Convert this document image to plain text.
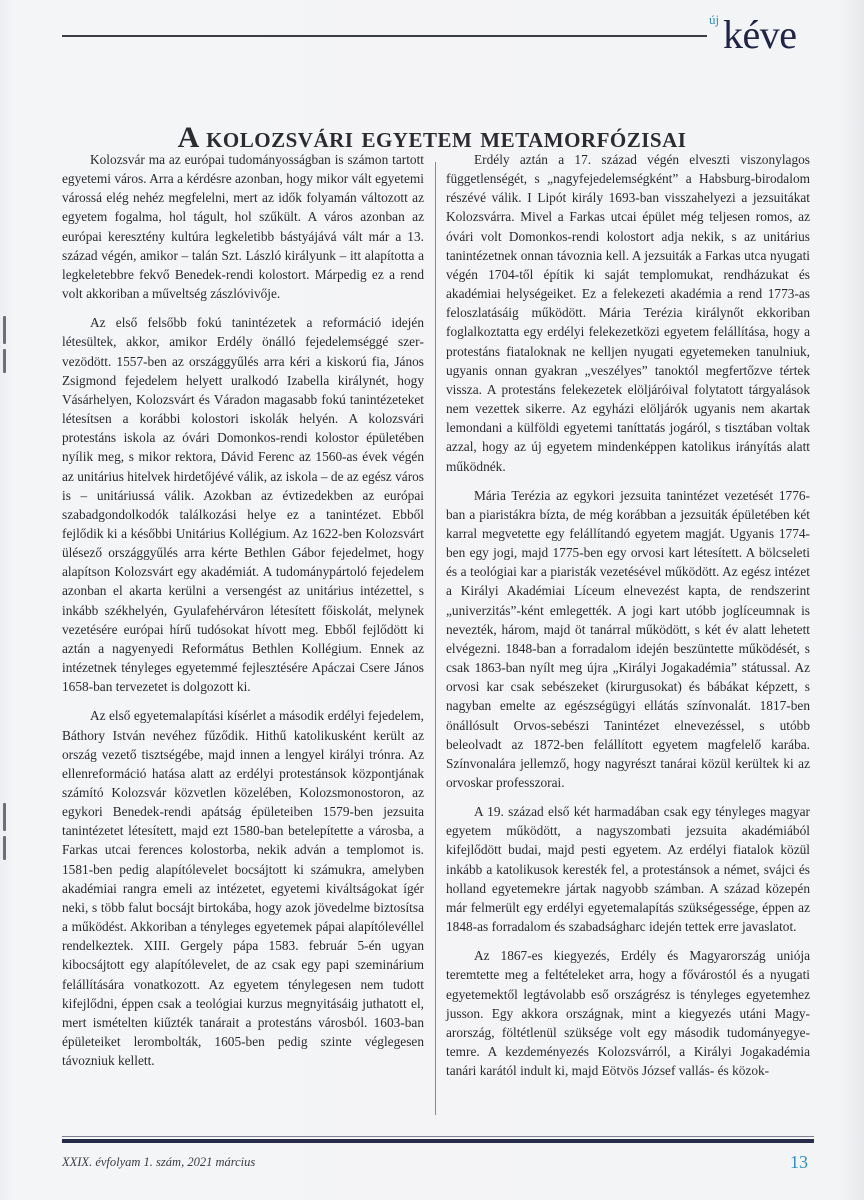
új kéve
A kolozsvári egyetem metamorfózisai

Kolozsvár ma az európai tudományosságban is számon tartott egyetemi város. Arra a kérdésre azonban, hogy mikor vált egyetemi várossá elég nehéz megfelelni, mert az idők folyamán változott az egyetem fogalma, hol tágult, hol szűkült. A város azonban az európai keresztény kultúra legkeletibb bástyájává vált már a 13. század végén, amikor – talán Szt. László királyunk – itt alapította a legkeletebbre fekvő Benedek-rendi kolostort. Márpedig ez a rend volt akkoriban a műveltség zászlóvivője.

Az első felsőbb fokú tanintézetek a reformáció idején létesültek, akkor, amikor Erdély önálló fejedelemséggé szervezödött. 1557-ben az országgyűlés arra kéri a kiskorú fia, János Zsigmond fejedelem helyett uralkodó Izabella királynét, hogy Vásárhelyen, Kolozsvárt és Váradon magasabb fokú tanintézeteket létesítsen a korábbi kolostori iskolák helyén. A kolozsvári protestáns iskola az óvári Domonkos-rendi kolostor épületében nyílik meg, s mikor rektora, Dávid Ferenc az 1560-as évek végén az unitárius hitelvek hirdetőjévé válik, az iskola – de az egész város is – unitáriussá válik. Azokban az évtizedekben az európai szabadgondolkodók találkozási helye ez a tanintézet. Ebből fejlődik ki a későbbi Unitárius Kollégium. Az 1622-ben Kolozsvárt ülésező országgyűlés arra kérte Bethlen Gábor fejedelmet, hogy alapítson Kolozsvárt egy akadémiát. A tudománypártoló fejedelem azonban el akarta kerülni a versengést az unitárius intézettel, s inkább székhelyén, Gyulafehérváron létesített főiskolát, melynek vezetésére európai hírű tudósokat hívott meg. Ebből fejlődött ki aztán a nagyenyedi Református Bethlen Kollégium. Ennek az intézetnek tényleges egyetemmé fejlesztésére Apáczai Csere János 1658-ban tervezetet is dolgozott ki.

Az első egyetemalapítási kísérlet a második erdélyi fejedelem, Báthory István nevéhez fűződik. Hithű katolikusként került az ország vezető tisztségébe, majd innen a lengyel királyi trónra. Az ellenreformáció hatása alatt az erdélyi protestánsok központjának számító Kolozsvár közvetlen közelében, Kolozsmonostoron, az egykori Benedek-rendi apátság épületeiben 1579-ben jezsuita tanintézetet létesített, majd ezt 1580-ban betelepítette a városba, a Farkas utcai ferences kolostorba, nekik adván a templomot is. 1581-ben pedig alapítólevelet bocsájtott ki számukra, amelyben akadémiai rangra emeli az intézetet, egyetemi kiváltságokat ígér neki, s több falut bocsájt birtokába, hogy azok jövedelme biztosítsa a működést. Akkoriban a tényleges egyetemek pápai alapítólevéllel rendelkeztek. XIII. Gergely pápa 1583. február 5-én ugyan kibocsájtott egy alapítólevelet, de az csak egy papi szeminárium felállítására vonatkozott. Az egyetem ténylegesen nem tudott kifejlődni, éppen csak a teológiai kurzus megnyitásáig juthatott el, mert ismételten kiűzték tanárait a protestáns városból. 1603-ban épületeiket lerombolták, 1605-ben pedig szinte véglegesen távozniuk kellett.

Erdély aztán a 17. század végén elveszti viszonylagos függetlenségét, s „nagyfejedelemségként” a Habsburg-birodalom részévé válik. I Lipót király 1693-ban visszahelyezi a jezsuitákat Kolozsvárra. Mivel a Farkas utcai épület még teljesen romos, az óvári volt Domonkos-rendi kolostort adja nekik, s az unitárius tanintézetnek onnan távoznia kell. A jezsuiták a Farkas utca nyugati végén 1704-től építik ki saját templomukat, rendházukat és akadémiai helységeiket. Ez a felekezeti akadémia a rend 1773-as feloszlatásáig működött. Mária Terézia királynőt ekkoriban foglalkoztatta egy erdélyi felekezetközi egyetem felállítása, hogy a protestáns fiataloknak ne kelljen nyugati egyetemeken tanulniuk, ugyanis onnan gyakran „veszélyes” tanoktól megfertőzve tértek vissza. A protestáns felekezetek elöljáróival folytatott tárgyalások nem vezettek sikerre. Az egyházi elöljárók ugyanis nem akartak lemondani a külföldi egyetemi taníttatás jogáról, s tisztában voltak azzal, hogy az új egyetem mindenképpen katolikus irányítás alatt működnék.

Mária Terézia az egykori jezsuita tanintézet vezetését 1776-ban a piaristákra bízta, de még korábban a jezsuiták épületében két karral megvetette egy felállítandó egyetem magját. Ugyanis 1774-ben egy jogi, majd 1775-ben egy orvosi kart létesített. A bölcseleti és a teológiai kar a piaristák vezetésével működött. Az egész intézet a Királyi Akadémiai Líceum elnevezést kapta, de rendszerint „univerzitás”-ként emlegették. A jogi kart utóbb joglíceumnak is nevezték, három, majd öt tanárral működött, s két év alatt lehetett elvégezni. 1848-ban a forradalom idején beszüntette működését, s csak 1863-ban nyílt meg újra „Királyi Jogakadémia” státussal. Az orvosi kar csak sebészeket (kirurgusokat) és bábákat képzett, s nagyban emelte az egészségügyi ellátás színvonalát. 1817-ben önállósult Orvos-sebészi Tanintézet elnevezéssel, s utóbb beleolvadt az 1872-ben felállított egyetem magfelelő karába. Színvonalára jellemző, hogy nagyrészt tanárai közül kerültek ki az orvoskar professzorai.

A 19. század első két harmadában csak egy tényleges magyar egyetem működött, a nagyszombati jezsuita akadémiából kifejlődött budai, majd pesti egyetem. Az erdélyi fiatalok közül inkább a katolikusok keresték fel, a protestánsok a német, svájci és holland egyetemekre jártak nagyobb számban. A század közepén már felmerült egy erdélyi egyetemalapítás szükségessége, éppen az 1848-as forradalom és szabadságharc idején tettek erre javaslatot.

Az 1867-es kiegyezés, Erdély és Magyarország uniója teremtette meg a feltételeket arra, hogy a fővárostól és a nyugati egyetemektől legtávolabb eső országrész is tényleges egyetemhez jusson. Egy akkora országnak, mint a kiegyezés utáni Magyarország, föltétlenül szüksége volt egy második tudományegyetemre. A kezdeményezés Kolozsvárról, a Királyi Jogakadémia tanári karától indult ki, majd Eötvös József vallás- és közok-

XXIX. évfolyam 1. szám, 2021 március	13
